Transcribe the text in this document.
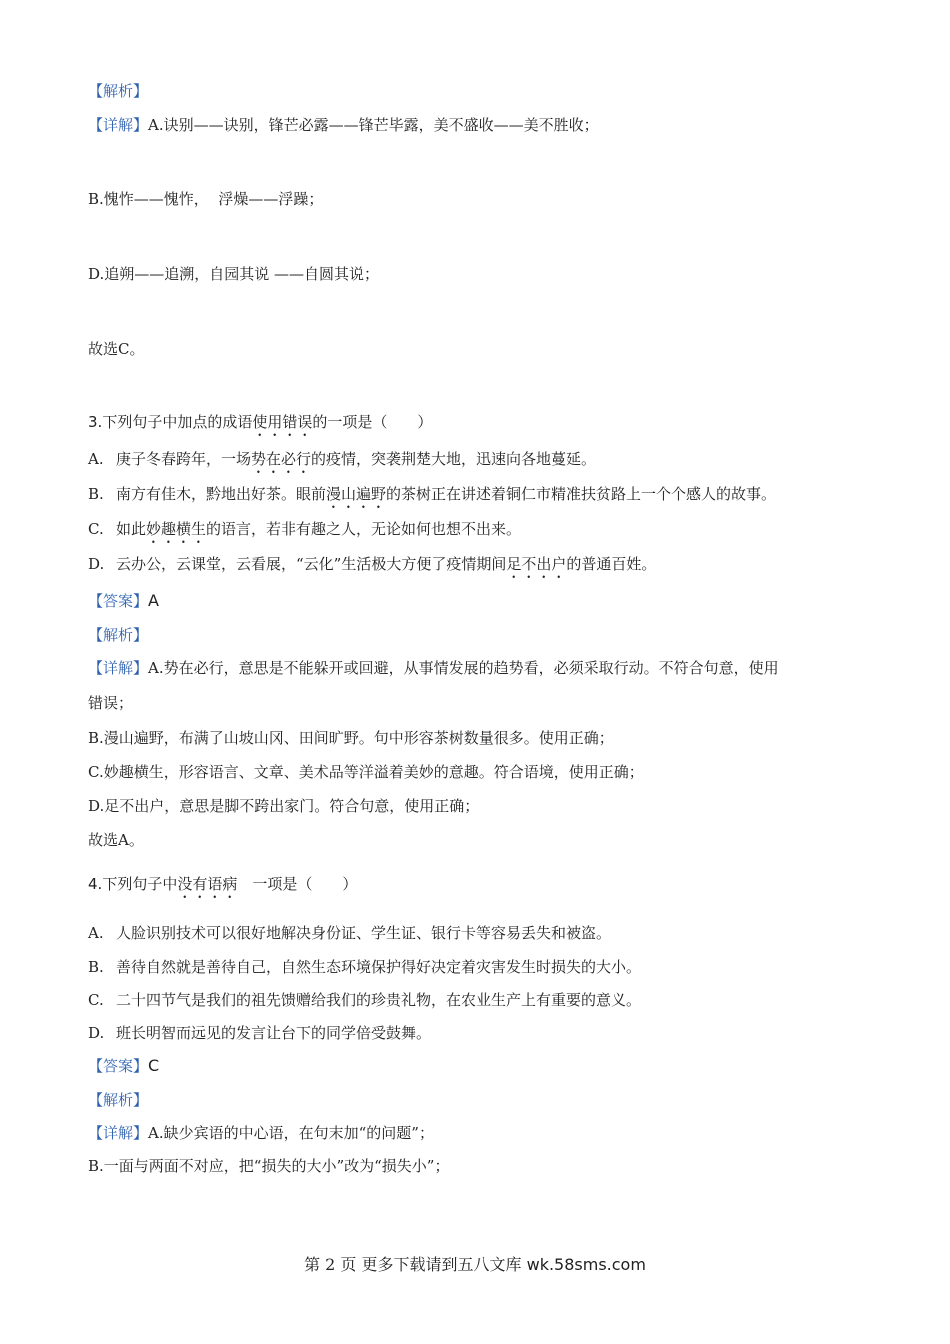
【解析】
【详解】A.诀别——诀别，锋芒必露——锋芒毕露，美不盛收——美不胜收；
B.愧怍——愧怍，  浮燥——浮躁；
D.追朔——追溯，自园其说 ——自圆其说；
故选C。
3.下列句子中加点的成语使用错误的一项是（　　）
A. 庚子冬春跨年，一场势在必行的疫情，突袭荆楚大地，迅速向各地蔓延。
B. 南方有佳木，黔地出好茶。眼前漫山遍野的茶树正在讲述着铜仁市精准扶贫路上一个个感人的故事。
C. 如此妙趣横生的语言，若非有趣之人，无论如何也想不出来。
D. 云办公，云课堂，云看展，“云化”生活极大方便了疫情期间足不出户的普通百姓。
【答案】A
【解析】
【详解】A.势在必行，意思是不能躲开或回避，从事情发展的趋势看，必须采取行动。不符合句意，使用
错误；
B.漫山遍野，布满了山坡山冈、田间旷野。句中形容茶树数量很多。使用正确；
C.妙趣横生，形容语言、文章、美术品等洋溢着美妙的意趣。符合语境，使用正确；
D.足不出户，意思是脚不跨出家门。符合句意，使用正确；
故选A。
4.下列句子中没有语病　一项是（　　）
A. 人脸识别技术可以很好地解决身份证、学生证、银行卡等容易丢失和被盗。
B. 善待自然就是善待自己，自然生态环境保护得好决定着灾害发生时损失的大小。
C. 二十四节气是我们的祖先馈赠给我们的珍贵礼物，在农业生产上有重要的意义。
D. 班长明智而远见的发言让台下的同学倍受鼓舞。
【答案】C
【解析】
【详解】A.缺少宾语的中心语，在句末加“的问题”；
B.一面与两面不对应，把“损失的大小”改为“损失小”；
第 2 页 更多下载请到五八文库 wk.58sms.com
